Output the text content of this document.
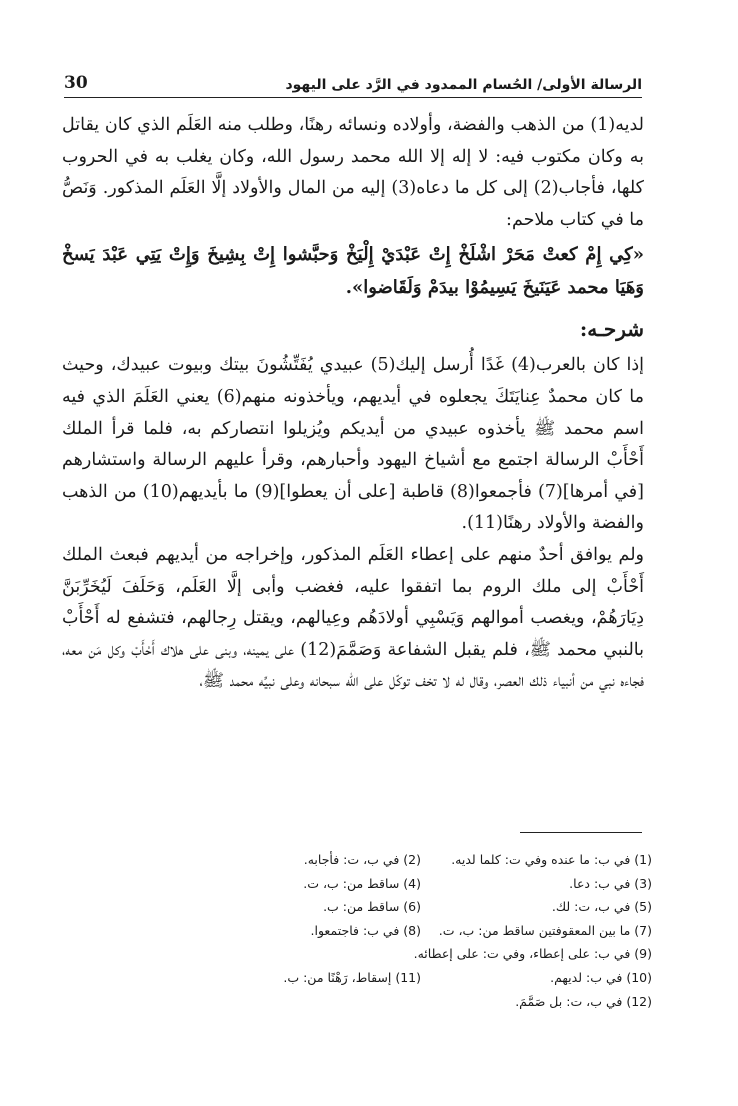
الرسالة الأولى/ الحُسام الممدود في الرَّد على اليهود
30

لديه(1) من الذهب والفضة، وأولاده ونسائه رهنًا، وطلب منه العَلَم الذي كان يقاتل به وكان مكتوب فيه: لا إله إلا الله محمد رسول الله، وكان يغلب به في الحروب كلها، فأجاب(2) إلى كل ما دعاه(3) إليه من المال والأولاد إلَّا العَلَم المذكور. وَنَصُّ ما في كتاب ملاحم:

«كِي إِمْ كعتْ مَحَرْ اشْلَخْ إِتْ عَبْدَيْ إِلْيَخْ وَحبَّشوا إِتْ بِشِيخَ وَإِتْ يَتِي عَبْدَ يَسخْ وَهَيَا محمد عَيَنَيخَ يَسِيمُوْا بيدَمْ وَلَقَاضوا».

شرحـه:

إذا كان بالعرب(4) غَدًا أُرسل إليك(5) عبيدي يُفَتِّشُونَ بيتك وبيوت عبيدك، وحيث ما كان محمدٌ عِنايَتَكَ يجعلوه في أيديهم، ويأخذونه منهم(6) يعني العَلَمَ الذي فيه اسم محمد ﷺ يأخذوه عبيدي من أيديكم ويُزيلوا انتصاركم به، فلما قرأ الملك أَحْأَبْ الرسالة اجتمع مع أشياخ اليهود وأحبارهم، وقرأ عليهم الرسالة واستشارهم [في أمرها](7) فأجمعوا(8) قاطبة [على أن يعطوا](9) ما بأيديهم(10) من الذهب والفضة والأولاد رهنًا(11).

ولم يوافق أحدٌ منهم على إعطاء العَلَم المذكور، وإخراجه من أيديهم فبعث الملك أَحْأَبْ إلى ملك الروم بما اتفقوا عليه، فغضب وأبى إلَّا العَلَم، وَحَلَفَ لَيُخَرِّبَنَّ دِيَارَهُمْ، ويغصب أموالهم وَيَسْبِي أولادَهُم وعِيالهم، ويقتل رِجالهم، فتشفع له أَحْأَبْ بالنبي محمد ﷺ، فلم يقبل الشفاعة وَصَمَّمَ(12) على يمينه، وبنى على هلاك أَحْأَبْ وكل مَن معه، فجاءه نبي من أنبياء ذلك العصر، وقال له لا تخف توكّل على الله سبحانه وعلى نبيِّه محمد ﷺ،

(1) في ب: ما عنده وفي ت: كلما لديه.
(2) في ب، ت: فأجابه.
(3) في ب: دعا.
(4) ساقط من: ب، ت.
(5) في ب، ت: لك.
(6) ساقط من: ب.
(7) ما بين المعقوفتين ساقط من: ب، ت.
(8) في ب: فاجتمعوا.
(9) في ب: على إعطاء، وفي ت: على إعطائه.
(10) في ب: لديهم.
(11) إسقاط، رَهْنًا من: ب.
(12) في ب، ت: بل صَمَّمَ.
